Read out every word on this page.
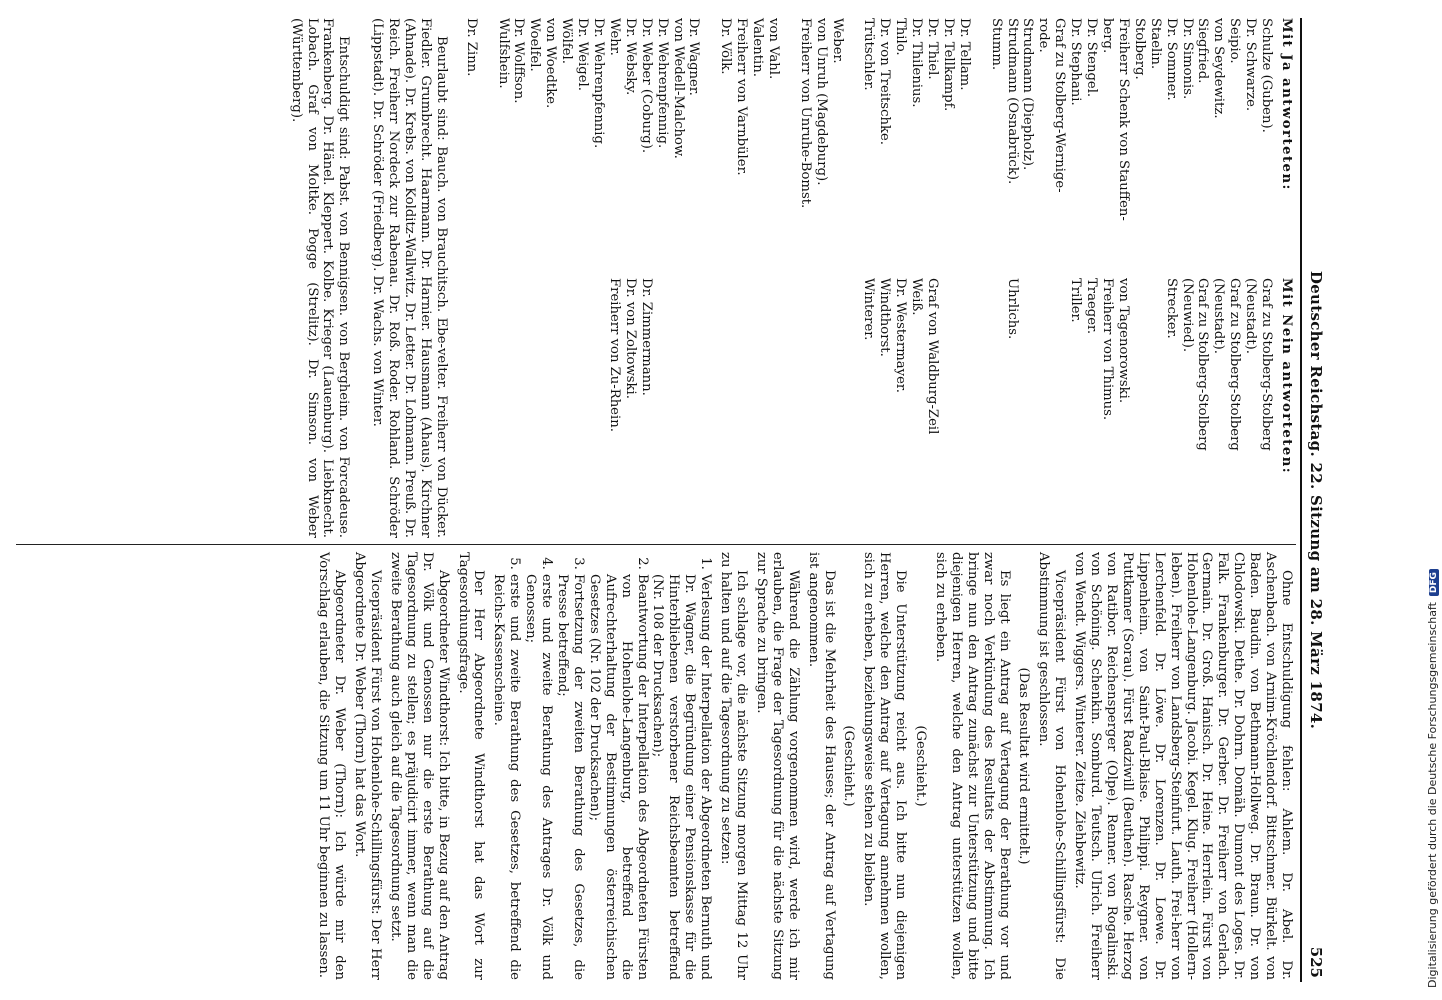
Deutscher Reichstag. 22. Sitzung am 28. März 1874.
525
Mit Ja antworteten:
Schulze (Guben).
Dr. Schwarze.
Seipio.
von Seydewitz.
Siegfried.
Dr. Simonis.
Dr. Sommer.
Staelin.
Stolberg.
Freiherr Schenk von Stauffen-
berg.
Dr. Stengel.
Dr. Stephani.
Graf zu Stolberg-Wernige-
rode.
Strudmann (Diepholz).
Strudmann (Osnabrück).
Stumm.

Dr. Tellam.
Dr. Tellkampf.
Dr. Thiel.
Dr. Thilenius.
Thilo.
Dr. von Treitschke.
Trütschler.

Weber.
von Unruh (Magdeburg).
Freiherr von Unruhe-Bomst.

von Vahl.
Valentin.
Freiherr von Varnbüler.
Dr. Völk.

Dr. Wagner.
von Wedell-Malchow.
Dr. Wehrenpfennig.
Dr. Weber (Coburg).
Dr. Websky.
Wehr.
Dr. Wehrenpfennig.
Dr. Weigel.
Wölfel.
von Woedtke.
Woelfel.
Dr. Wolffson.
Wulfshein.

Dr. Zinn.
Mit Nein antworteten:
Graf zu Stolberg-Stolberg
(Neustadt).
Graf zu Stolberg-Stolberg
(Neustadt).
Graf zu Stolberg-Stolberg
(Neuwied).
Strecker.

von Tagenorowski.
Freiherr von Thimus.
Traeger.
Triller.

Uhrlichs.

Graf von Waldburg-Zeil
Weiß.
Dr. Westermayer.
Windthorst.
Winterer.

Dr. Zimmermann.
Dr. von Zoltowski.
Freiherr von Zu-Rhein.

Beurlaubt sind: Bauch. von Brauchitsch. Ebe-velter. Freiherr von Dücker. Fiedler. Grumbrecht. Haarmann. Dr. Harnier. Hausmann (Ahaus). Kirchner (Ahnade). Dr. Krebs. von Kolditz-Wallwitz. Dr. Letter. Dr. Lohmann. Preuß. Dr. Reich. Freiherr Nordeck zur Rabenau. Dr. Roß. Roder. Rohland. Schröder (Lippstadt). Dr. Schröder (Friedberg). Dr. Wachs. von Winter.

Entschuldigt sind: Pabst. von Bennigsen. von Bergheim. von Forcadeuse. Frankenberg. Dr. Hänel. Kleppert. Kolbe. Krieger (Lauenburg). Liebknecht. Lobach. Graf von Moltke. Pogge (Strelitz). Dr. Simson. von Weber (Württemberg).

Ohne Entschuldigung fehlen: Ahlem. Dr. Abel. Dr. Aschenbach. von Arnim-Kröchlendorf. Bittschmer. Bürkelt. von Baden. Baudin. von Bethmann-Hollweg. Dr. Braun. Dr. von Chlodowski. Dethe. Dr. Dohrn. Domäh. Dumont des Loges. Dr. Falk. Frankenburger. Dr. Gerber. Dr. Freiherr von Gerlach. Germain. Dr. Groß. Hanisch. Dr. Heine. Herrlein. Fürst von Hohenlohe-Langenburg. Jacobi. Kegel. Klug. Freiherr (Hollern-leben). Freiherr von Landsberg-Steinfurt. Lauth. Frei-herr von Lerchenfeld. Dr. Löwe. Dr. Lorenzen. Dr. Loewe. Dr. Lippenheim. von Saint-Paul-Blaise. Philippi. Reygner. von Puttkamer (Sorau). Fürst Radziwill (Beuthen). Rasche. Herzog von Ratibor. Reichensperger (Olpe). Renner. von Rogalinski. von Schöning. Schenkin. Somburd. Teutsch. Ulrich. Freiherr von Wendt. Wiggers. Winterer. Zeitze. Ziehbewitz.

Vicepräsident Fürst von Hohenlohe-Schillingsfürst: Die Abstimmung ist geschlossen.

(Das Resultat wird ermittelt.)

Es liegt ein Antrag auf Vertagung der Berathung vor und zwar noch Verkündung des Resultats der Abstimmung. Ich bringe nun den Antrag zunächst zur Unterstützung und bitte diejenigen Herren, welche den Antrag unterstützen wollen, sich zu erheben.

(Geschieht.)

Die Unterstützung reicht aus. Ich bitte nun diejenigen Herren, welche den Antrag auf Vertagung annehmen wollen, sich zu erheben, beziehungsweise stehen zu bleiben.

(Geschieht.)

Das ist die Mehrheit des Hauses; der Antrag auf Vertagung ist angenommen.

Während die Zählung vorgenommen wird, werde ich mir erlauben, die Frage der Tagesordnung für die nächste Sitzung zur Sprache zu bringen.

Ich schlage vor, die nächste Sitzung morgen Mittag 12 Uhr zu halten und auf die Tagesordnung zu setzen:

1. Verlesung der Interpellation der Abgeordneten Bernuth und Dr. Wagner, die Begründung einer Pensionskasse für die Hinterbliebenen verstorbener Reichsbeamten betreffend (Nr. 108 der Drucksachen);
2. Beantwortung der Interpellation des Abgeordneten Fürsten von Hohenlohe-Langenburg, betreffend die Aufrechterhaltung der Bestimmungen österreichischen Gesetzes (Nr. 102 der Drucksachen);
3. Fortsetzung der zweiten Berathung des Gesetzes, die Presse betreffend;
4. erste und zweite Berathung des Antrages Dr. Völk und Genossen;
5. erste und zweite Berathung des Gesetzes, betreffend die Reichs-Kassenscheine.

Der Herr Abgeordnete Windthorst hat das Wort zur Tagesordnungsfrage.

Abgeordneter Windthorst: Ich bitte, in Bezug auf den Antrag Dr. Völk und Genossen nur die erste Berathung auf die Tagesordnung zu stellen; es präjudicirt immer, wenn man die zweite Berathung auch gleich auf die Tagesordnung setzt.

Vicepräsident Fürst von Hohenlohe-Schillingsfürst: Der Herr Abgeordnete Dr. Weber (Thorn) hat das Wort.

Abgeordneter Dr. Weber (Thorn): Ich würde mir den Vorschlag erlauben, die Sitzung um 11 Uhr beginnen zu lassen.	Digitalisierung gefördert durch die Deutsche ForschungsgemeinschaftDFG
